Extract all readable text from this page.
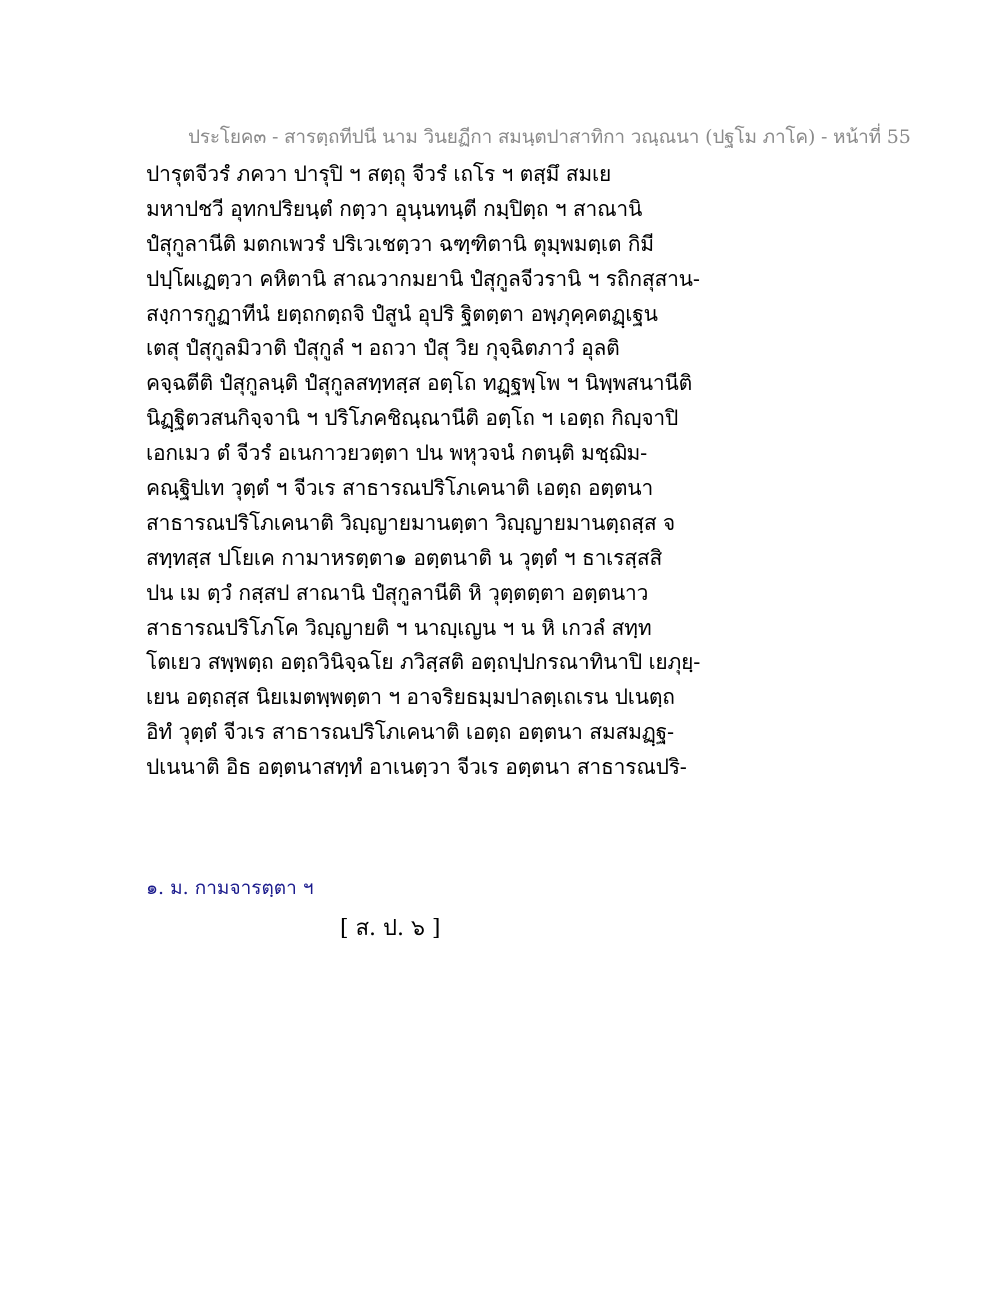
ประโยค๓ - สารตฺถทีปนี นาม วินยฏีกา สมนฺตปาสาทิกา วณฺณนา (ปฐโม ภาโค) - หน้าที่ 55
ปารุตจีวรํ ภควา ปารุปิ ฯ สตฺถุ จีวรํ เถโร ฯ ตสฺมึ สมเย
มหาปชวี อุทกปริยนฺตํ กตฺวา อุนฺนทนฺตี กมฺปิตฺถ ฯ สาณานิ
ปํสุกูลานีติ มตกเพวรํ ปริเวเชตฺวา ฉฑฺฑิตานิ ตุมฺพมตฺเต กิมี
ปปฺโผเฏตฺวา คหิตานิ สาณวากมยานิ ปํสุกูลจีวรานิ ฯ รถิกสุสาน-
สงฺการกูฏาทีนํ ยตฺถกตฺถจิ ปํสูนํ อุปริ ฐิตตฺตา อพฺภุคฺคตฏฺเฐน
เตสุ ปํสุกูลมิวาติ ปํสุกูลํ ฯ อถวา ปํสุ วิย กุจฺฉิตภาวํ อุลติ
คจฺฉตีติ ปํสุกูลนฺติ ปํสุกูลสทฺทสฺส อตฺโถ ทฏฺฐพฺโพ ฯ นิพฺพสนานีติ
นิฏฺฐิตวสนกิจฺจานิ ฯ ปริโภคชิณฺณานีติ อตฺโถ ฯ เอตฺถ กิญฺจาปิ
เอกเมว ตํ จีวรํ อเนกาวยวตฺตา ปน พหุวจนํ กตนฺติ มชฺฌิม-
คณฺฐิปเท วุตฺตํ ฯ จีวเร สาธารณปริโภเคนาติ เอตฺถ อตฺตนา
สาธารณปริโภเคนาติ วิญฺญายมานตฺตา วิญฺญายมานตฺถสฺส จ
สทฺทสฺส ปโยเค กามาหรตฺตา๑ อตฺตนาติ น วุตฺตํ ฯ ธาเรสฺสสิ
ปน เม ตฺวํ กสฺสป สาณานิ ปํสุกูลานีติ หิ วุตฺตตฺตา อตฺตนาว
สาธารณปริโภโค วิญฺญายติ ฯ นาญฺเญน ฯ น หิ เกวลํ สทฺท
โตเยว สพฺพตฺถ อตฺถวินิจฺฉโย ภวิสฺสติ อตฺถปฺปกรณาทินาปิ เยภุยฺ-
เยน อตฺถสฺส นิยเมตพฺพตฺตา ฯ อาจริยธมฺมปาลตฺเถเรน ปเนตฺถ
อิทํ วุตฺตํ จีวเร สาธารณปริโภเคนาติ เอตฺถ อตฺตนา สมสมฏฺฐ-
ปเนนาติ อิธ อตฺตนาสทฺทํ อาเนตฺวา จีวเร อตฺตนา สาธารณปริ-
๑. ม. กามจารตฺตา ฯ
[ ส. ป. ๖ ]
